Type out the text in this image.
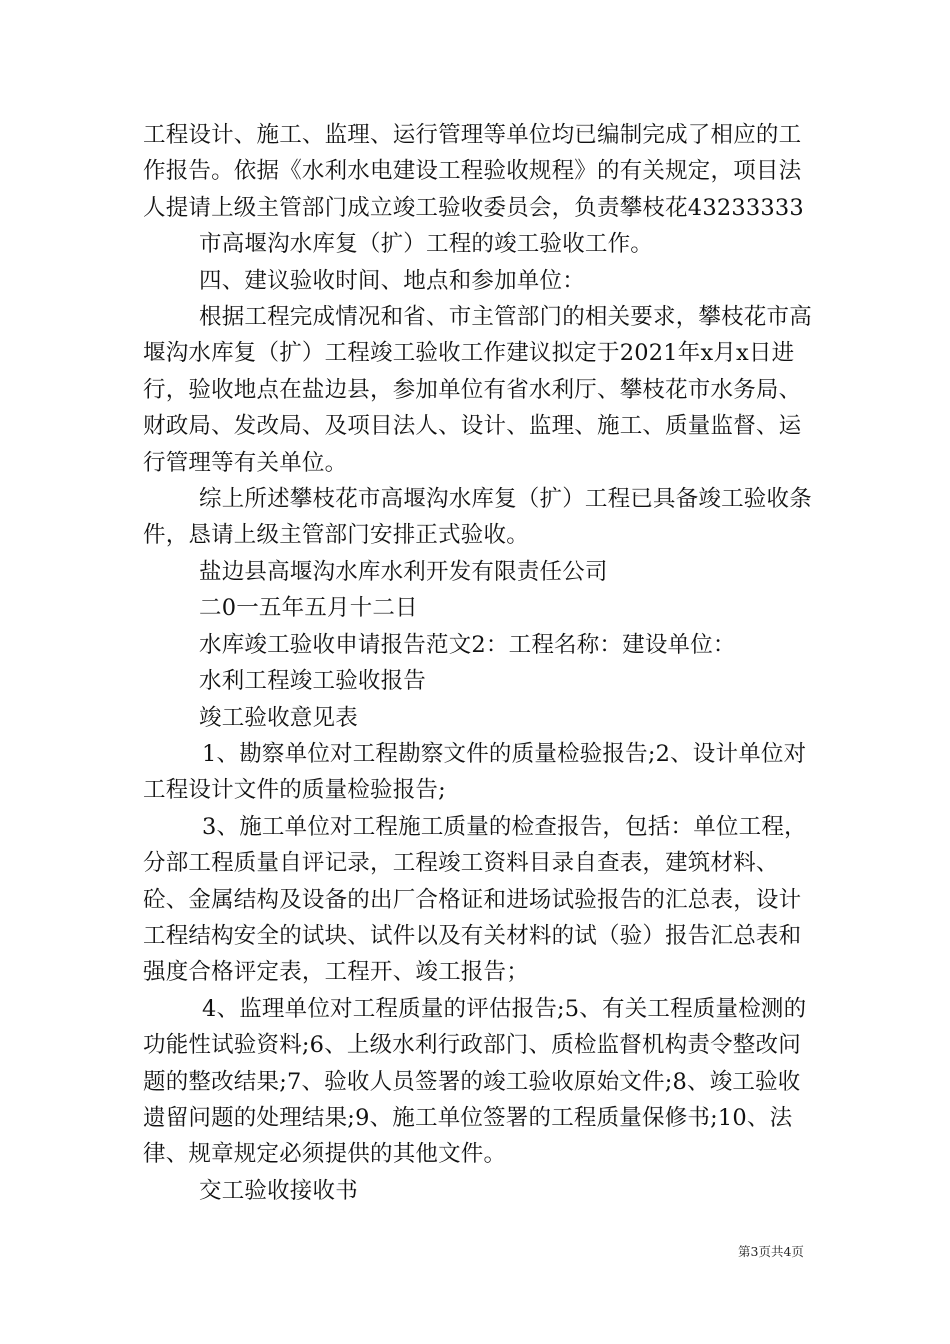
工程设计、施工、监理、运行管理等单位均已编制完成了相应的工作报告。依据《水利水电建设工程验收规程》的有关规定，项目法人提请上级主管部门成立竣工验收委员会，负责攀枝花43233333

市高堰沟水库复（扩）工程的竣工验收工作。

四、建议验收时间、地点和参加单位：

根据工程完成情况和省、市主管部门的相关要求，攀枝花市高堰沟水库复（扩）工程竣工验收工作建议拟定于2021年x月x日进行，验收地点在盐边县，参加单位有省水利厅、攀枝花市水务局、财政局、发改局、及项目法人、设计、监理、施工、质量监督、运行管理等有关单位。

综上所述攀枝花市高堰沟水库复（扩）工程已具备竣工验收条件，恳请上级主管部门安排正式验收。

盐边县高堰沟水库水利开发有限责任公司

二0一五年五月十二日

水库竣工验收申请报告范文2：工程名称：建设单位：

水利工程竣工验收报告

竣工验收意见表

1、勘察单位对工程勘察文件的质量检验报告;2、设计单位对工程设计文件的质量检验报告;

3、施工单位对工程施工质量的检查报告，包括：单位工程，分部工程质量自评记录，工程竣工资料目录自查表，建筑材料、砼、金属结构及设备的出厂合格证和进场试验报告的汇总表，设计工程结构安全的试块、试件以及有关材料的试（验）报告汇总表和强度合格评定表，工程开、竣工报告；

4、监理单位对工程质量的评估报告;5、有关工程质量检测的功能性试验资料;6、上级水利行政部门、质检监督机构责令整改问题的整改结果;7、验收人员签署的竣工验收原始文件;8、竣工验收遗留问题的处理结果;9、施工单位签署的工程质量保修书;10、法律、规章规定必须提供的其他文件。

交工验收接收书

第3页共4页
